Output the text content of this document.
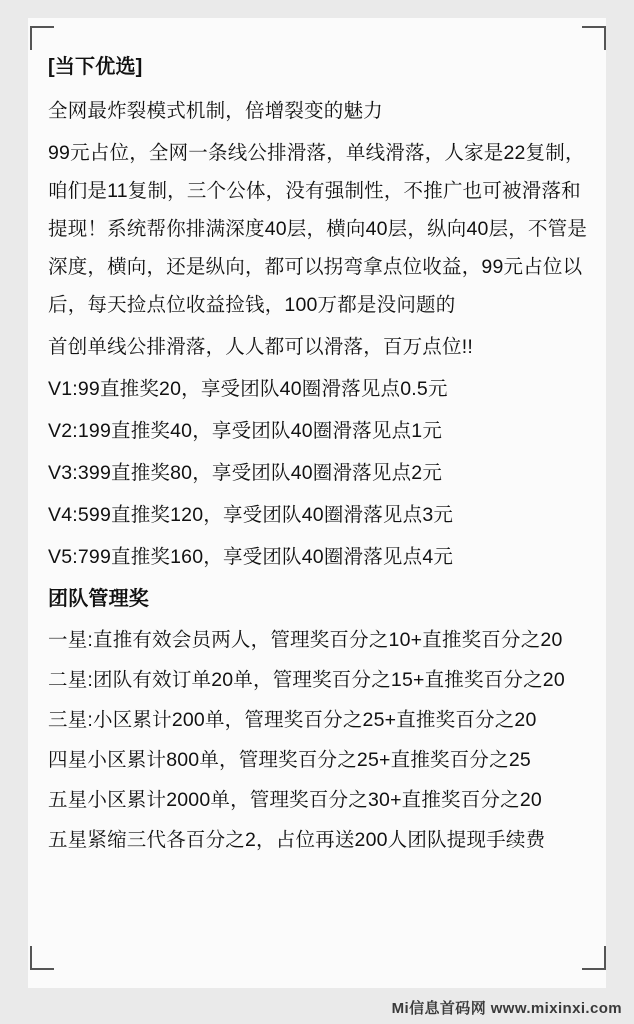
[当下优选]

全网最炸裂模式机制，倍增裂变的魅力

99元占位，全网一条线公排滑落，单线滑落，人家是22复制，咱们是11复制，三个公体，没有强制性，不推广也可被滑落和提现！系统帮你排满深度40层，横向40层，纵向40层，不管是深度，横向，还是纵向，都可以拐弯拿点位收益，99元占位以后，每天捡点位收益捡钱，100万都是没问题的

首创单线公排滑落，人人都可以滑落，百万点位!!

V1:99直推奖20，享受团队40圈滑落见点0.5元

V2:199直推奖40，享受团队40圈滑落见点1元

V3:399直推奖80，享受团队40圈滑落见点2元

V4:599直推奖120，享受团队40圈滑落见点3元

V5:799直推奖160，享受团队40圈滑落见点4元

团队管理奖

一星:直推有效会员两人，管理奖百分之10+直推奖百分之20

二星:团队有效订单20单，管理奖百分之15+直推奖百分之20

三星:小区累计200单，管理奖百分之25+直推奖百分之20

四星小区累计800单，管理奖百分之25+直推奖百分之25

五星小区累计2000单，管理奖百分之30+直推奖百分之20

五星紧缩三代各百分之2，占位再送200人团队提现手续费

Mi信息首码网 www.mixinxi.com
